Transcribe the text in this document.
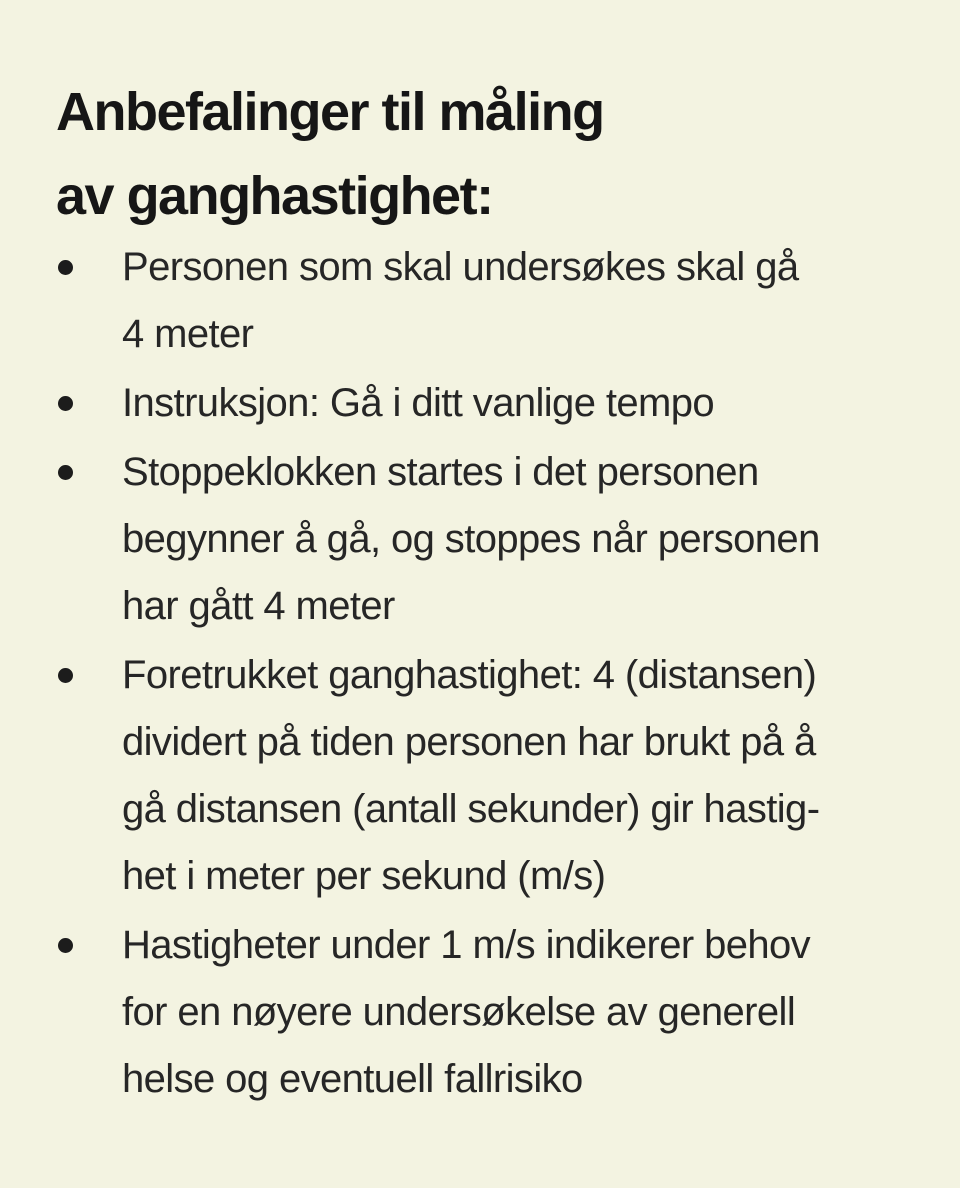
Anbefalinger til måling
av ganghastighet:
Personen som skal undersøkes skal gå
4 meter
Instruksjon: Gå i ditt vanlige tempo
Stoppeklokken startes i det personen
begynner å gå, og stoppes når personen
har gått 4 meter
Foretrukket ganghastighet: 4 (distansen)
dividert på tiden personen har brukt på å
gå distansen (antall sekunder) gir hastig-
het i meter per sekund (m/s)
Hastigheter under 1 m/s indikerer behov
for en nøyere undersøkelse av generell
helse og eventuell fallrisiko
